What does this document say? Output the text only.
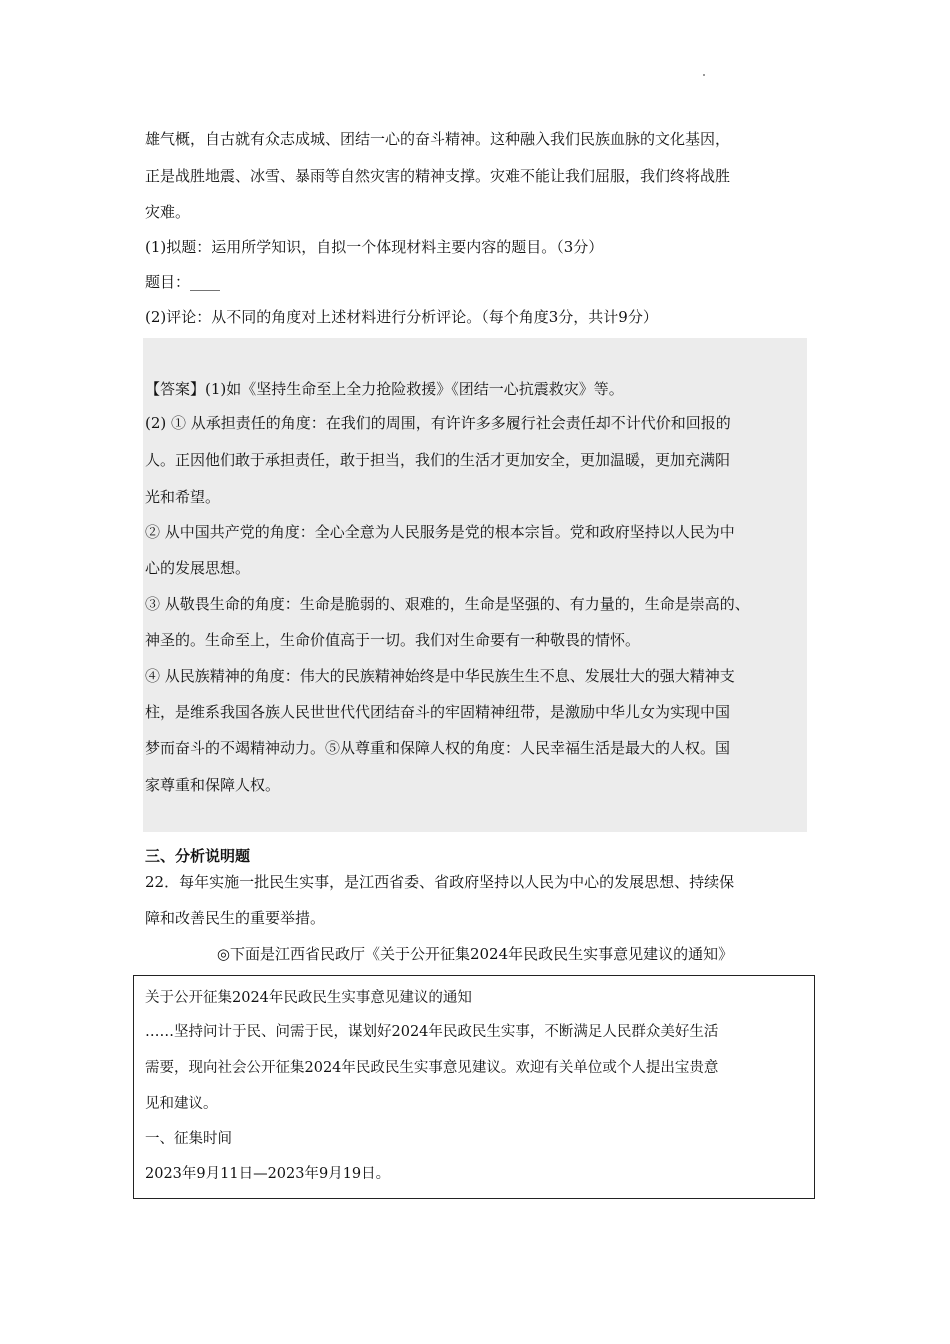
雄气概，自古就有众志成城、团结一心的奋斗精神。这种融入我们民族血脉的文化基因，
正是战胜地震、冰雪、暴雨等自然灾害的精神支撑。灾难不能让我们屈服，我们终将战胜
灾难。
(1)拟题：运用所学知识，自拟一个体现材料主要内容的题目。（3分）
题目：____
(2)评论：从不同的角度对上述材料进行分析评论。（每个角度3分，共计9分）
【答案】(1)如《坚持生命至上全力抢险救援》《团结一心抗震救灾》等。
(2) ① 从承担责任的角度：在我们的周围，有许许多多履行社会责任却不计代价和回报的
人。正因他们敢于承担责任，敢于担当，我们的生活才更加安全，更加温暖，更加充满阳
光和希望。
② 从中国共产党的角度：全心全意为人民服务是党的根本宗旨。党和政府坚持以人民为中
心的发展思想。
③ 从敬畏生命的角度：生命是脆弱的、艰难的，生命是坚强的、有力量的，生命是崇高的、
神圣的。生命至上，生命价值高于一切。我们对生命要有一种敬畏的情怀。
④ 从民族精神的角度：伟大的民族精神始终是中华民族生生不息、发展壮大的强大精神支
柱，是维系我国各族人民世世代代团结奋斗的牢固精神纽带，是激励中华儿女为实现中国
梦而奋斗的不竭精神动力。⑤从尊重和保障人权的角度：人民幸福生活是最大的人权。国
家尊重和保障人权。
三、分析说明题
22．每年实施一批民生实事，是江西省委、省政府坚持以人民为中心的发展思想、持续保
障和改善民生的重要举措。
◎下面是江西省民政厅《关于公开征集2024年民政民生实事意见建议的通知》
关于公开征集2024年民政民生实事意见建议的通知
……坚持问计于民、问需于民，谋划好2024年民政民生实事，不断满足人民群众美好生活
需要，现向社会公开征集2024年民政民生实事意见建议。欢迎有关单位或个人提出宝贵意
见和建议。
一、征集时间
2023年9月11日—2023年9月19日。
